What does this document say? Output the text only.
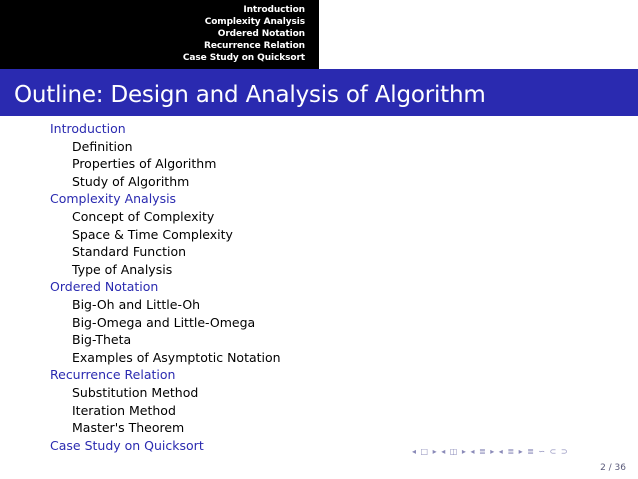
Introduction
Complexity Analysis
Ordered Notation
Recurrence Relation
Case Study on Quicksort
Outline: Design and Analysis of Algorithm
Introduction
Definition
Properties of Algorithm
Study of Algorithm
Complexity Analysis
Concept of Complexity
Space & Time Complexity
Standard Function
Type of Analysis
Ordered Notation
Big-Oh and Little-Oh
Big-Omega and Little-Omega
Big-Theta
Examples of Asymptotic Notation
Recurrence Relation
Substitution Method
Iteration Method
Master's Theorem
Case Study on Quicksort	◂ □ ▸ ◂ ◫ ▸ ◂ ≣ ▸ ◂ ≣ ▸ ≣ ∽ ⊂ ⊃
2 / 36
